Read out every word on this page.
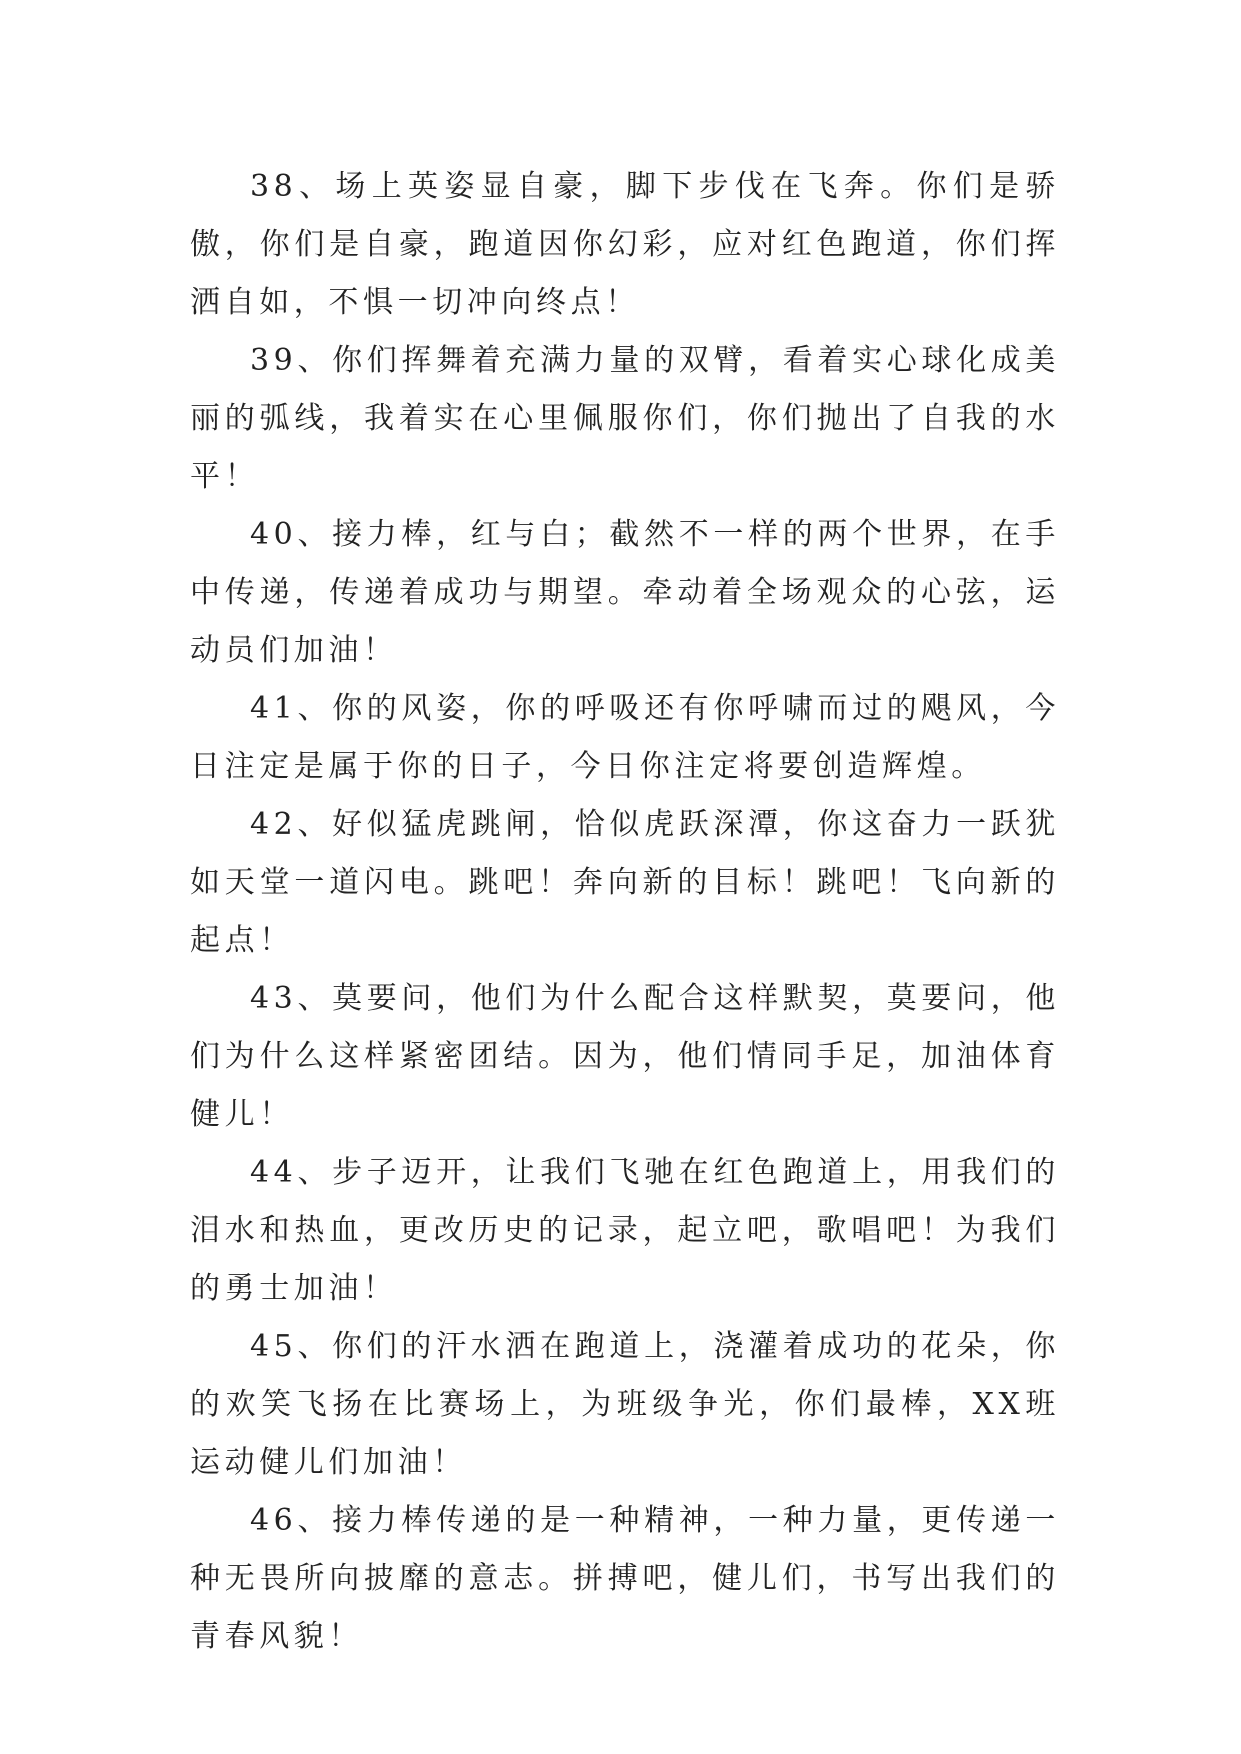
38、场上英姿显自豪，脚下步伐在飞奔。你们是骄傲，你们是自豪，跑道因你幻彩，应对红色跑道，你们挥洒自如，不惧一切冲向终点！

39、你们挥舞着充满力量的双臂，看着实心球化成美丽的弧线，我着实在心里佩服你们，你们抛出了自我的水平！

40、接力棒，红与白；截然不一样的两个世界，在手中传递，传递着成功与期望。牵动着全场观众的心弦，运动员们加油！

41、你的风姿，你的呼吸还有你呼啸而过的飓风，今日注定是属于你的日子，今日你注定将要创造辉煌。

42、好似猛虎跳闸，恰似虎跃深潭，你这奋力一跃犹如天堂一道闪电。跳吧！奔向新的目标！跳吧！飞向新的起点！

43、莫要问，他们为什么配合这样默契，莫要问，他们为什么这样紧密团结。因为，他们情同手足，加油体育健儿！

44、步子迈开，让我们飞驰在红色跑道上，用我们的泪水和热血，更改历史的记录，起立吧，歌唱吧！为我们的勇士加油！

45、你们的汗水洒在跑道上，浇灌着成功的花朵，你的欢笑飞扬在比赛场上，为班级争光，你们最棒，XX班运动健儿们加油！

46、接力棒传递的是一种精神，一种力量，更传递一种无畏所向披靡的意志。拼搏吧，健儿们，书写出我们的青春风貌！
